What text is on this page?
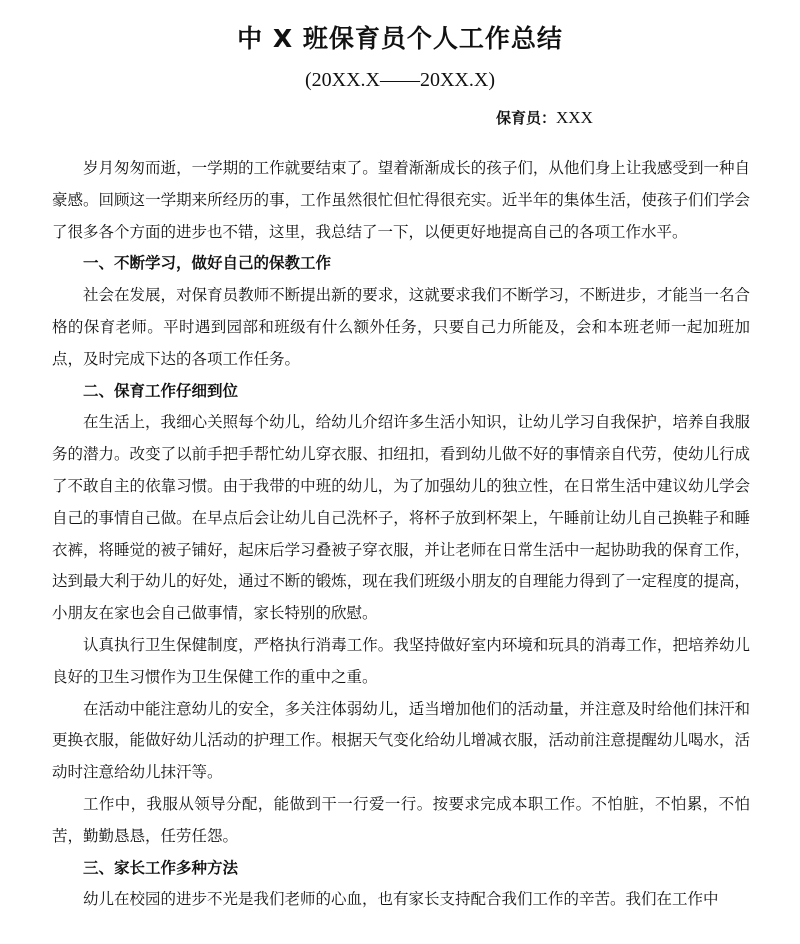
中 X 班保育员个人工作总结
(20XX.X——20XX.X)
保育员：XXX

岁月匆匆而逝，一学期的工作就要结束了。望着渐渐成长的孩子们，从他们身上让我感受到一种自豪感。回顾这一学期来所经历的事，工作虽然很忙但忙得很充实。近半年的集体生活，使孩子们们学会了很多各个方面的进步也不错，这里，我总结了一下，以便更好地提高自己的各项工作水平。

一、不断学习，做好自己的保教工作

社会在发展，对保育员教师不断提出新的要求，这就要求我们不断学习，不断进步，才能当一名合格的保育老师。平时遇到园部和班级有什么额外任务，只要自己力所能及，会和本班老师一起加班加点，及时完成下达的各项工作任务。

二、保育工作仔细到位

在生活上，我细心关照每个幼儿，给幼儿介绍许多生活小知识，让幼儿学习自我保护，培养自我服务的潜力。改变了以前手把手帮忙幼儿穿衣服、扣纽扣，看到幼儿做不好的事情亲自代劳，使幼儿行成了不敢自主的依靠习惯。由于我带的中班的幼儿，为了加强幼儿的独立性，在日常生活中建议幼儿学会自己的事情自己做。在早点后会让幼儿自己洗杯子，将杯子放到杯架上，午睡前让幼儿自己换鞋子和睡衣裤，将睡觉的被子铺好，起床后学习叠被子穿衣服，并让老师在日常生活中一起协助我的保育工作，达到最大利于幼儿的好处，通过不断的锻炼，现在我们班级小朋友的自理能力得到了一定程度的提高，小朋友在家也会自己做事情，家长特别的欣慰。

认真执行卫生保健制度，严格执行消毒工作。我坚持做好室内环境和玩具的消毒工作，把培养幼儿良好的卫生习惯作为卫生保健工作的重中之重。

在活动中能注意幼儿的安全，多关注体弱幼儿，适当增加他们的活动量，并注意及时给他们抹汗和更换衣服，能做好幼儿活动的护理工作。根据天气变化给幼儿增减衣服，活动前注意提醒幼儿喝水，活动时注意给幼儿抹汗等。

工作中，我服从领导分配，能做到干一行爱一行。按要求完成本职工作。不怕脏，不怕累，不怕苦，勤勤恳恳，任劳任怨。

三、家长工作多种方法

幼儿在校园的进步不光是我们老师的心血，也有家长支持配合我们工作的辛苦。我们在工作中
